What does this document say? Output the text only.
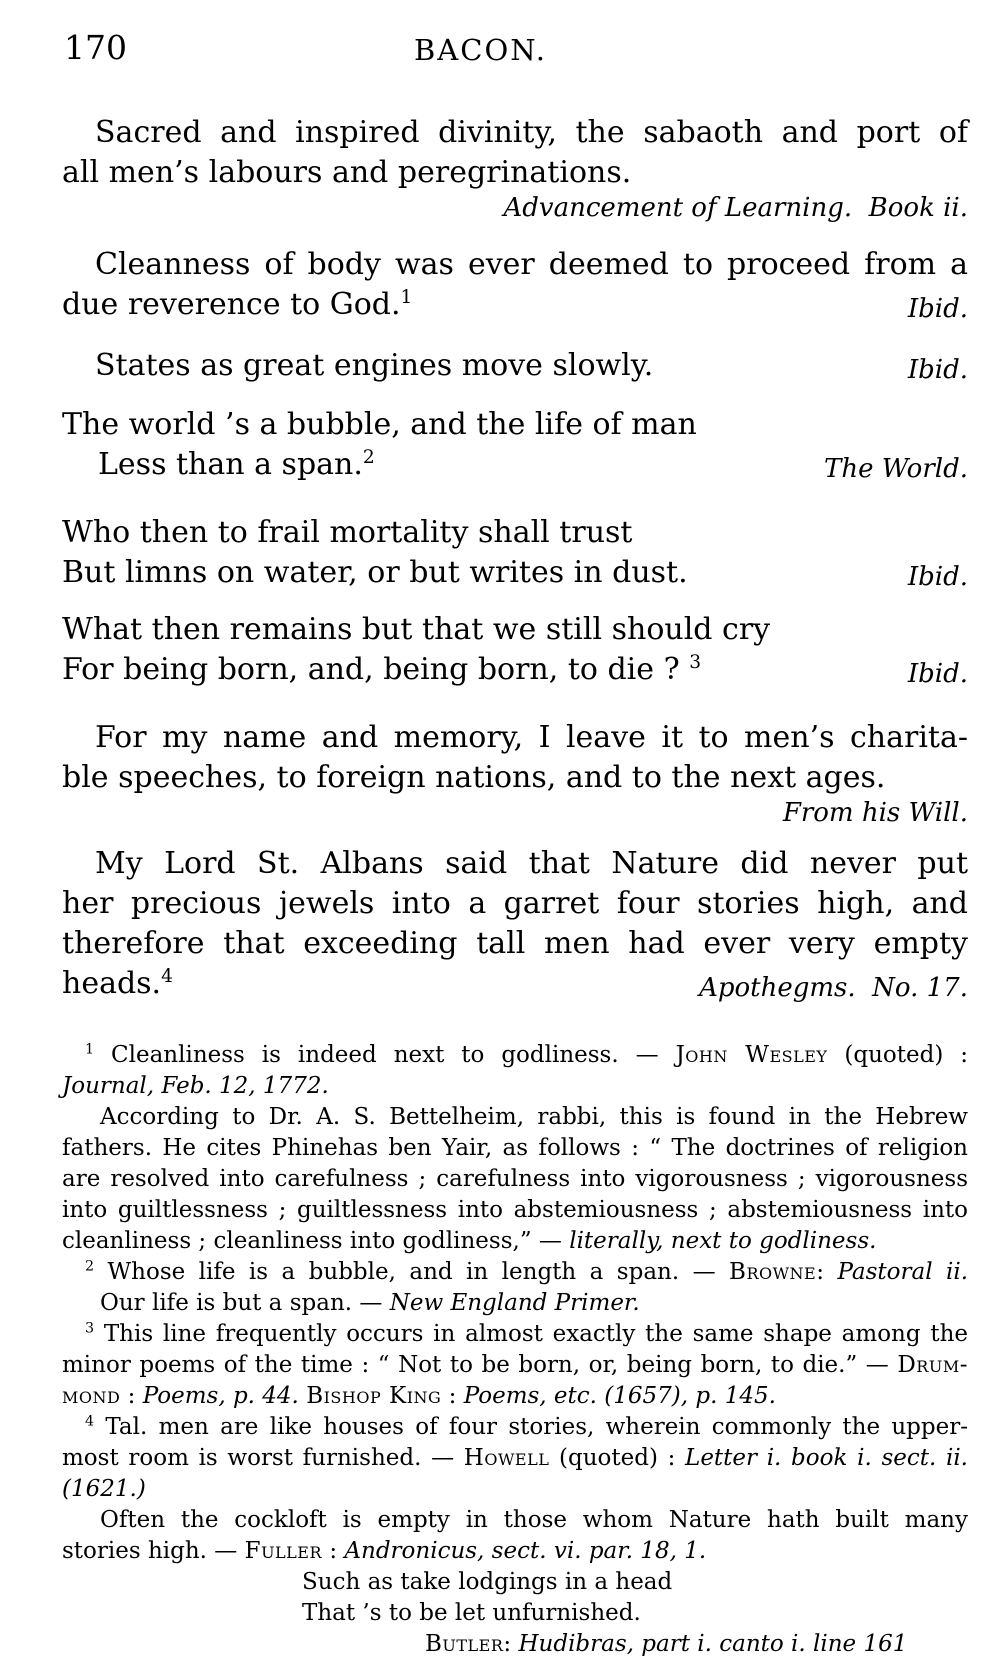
170	BACON.
Sacred and inspired divinity, the sabaoth and port of
all men’s labours and peregrinations.
Advancement of Learning.  Book ii.
Cleanness of body was ever deemed to proceed from a
due reverence to God.$^1$	Ibid.
States as great engines move slowly.	Ibid.
The world ’s a bubble, and the life of man
Less than a span.$^2$	The World.
Who then to frail mortality shall trust
But limns on water, or but writes in dust.	Ibid.
What then remains but that we still should cry
For being born, and, being born, to die ? $^3$	Ibid.
For my name and memory, I leave it to men’s charita-
ble speeches, to foreign nations, and to the next ages.
From his Will.
My Lord St. Albans said that Nature did never put
her precious jewels into a garret four stories high, and
therefore that exceeding tall men had ever very empty
heads.$^4$	Apothegms.  No. 17.
$^1$ Cleanliness is indeed next to godliness. — John Wesley (quoted) :
Journal, Feb. 12, 1772.
According to Dr. A. S. Bettelheim, rabbi, this is found in the Hebrew
fathers. He cites Phinehas ben Yair, as follows : “ The doctrines of religion
are resolved into carefulness ; carefulness into vigorousness ; vigorousness
into guiltlessness ; guiltlessness into abstemiousness ; abstemiousness into
cleanliness ; cleanliness into godliness,” — literally, next to godliness.
$^2$ Whose life is a bubble, and in length a span. — Browne: Pastoral ii.
Our life is but a span. — New England Primer.
$^3$ This line frequently occurs in almost exactly the same shape among the
minor poems of the time : “ Not to be born, or, being born, to die.” — Drum-
mond : Poems, p. 44. Bishop King : Poems, etc. (1657), p. 145.
$^4$ Tal. men are like houses of four stories, wherein commonly the upper-
most room is worst furnished. — Howell (quoted) : Letter i. book i. sect. ii.
(1621.)
Often the cockloft is empty in those whom Nature hath built many
stories high. — Fuller : Andronicus, sect. vi. par. 18, 1.
Such as take lodgings in a head
That ’s to be let unfurnished.
Butler: Hudibras, part i. canto i. line 161
